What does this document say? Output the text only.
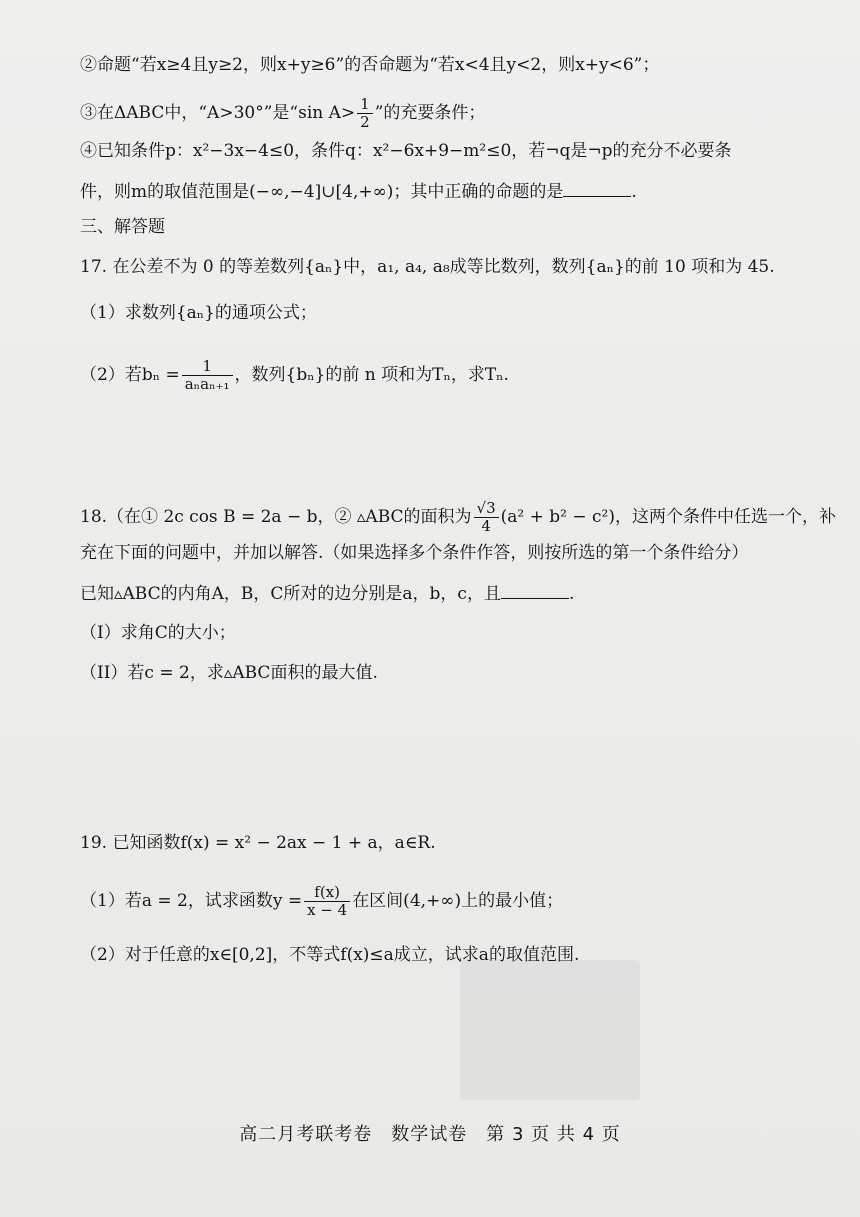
②命题“若x≥4且y≥2，则x+y≥6”的否命题为“若x<4且y<2，则x+y<6”；
③在ΔABC中，“A>30°”是“sin $A> \frac{1}{2}$ ”的充要条件；
④已知条件p：x²−3x−4≤0，条件q：x²−6x+9−m²≤0，若¬q是¬p的充分不必要条
件，则m的取值范围是(−∞,−4]∪[4,+∞)；其中正确的命题的是	.
三、解答题
17. 在公差不为 0 的等差数列{aₙ}中，a₁, a₄, a₈成等比数列，数列{aₙ}的前 10 项和为 45.
（1）求数列{aₙ}的通项公式；
（2）若$b_n = \frac{1}{\text{aₙaₙ₊₁}}$ ，数列{bₙ}的前 n 项和为Tₙ，求Tₙ.
18.（在① 2c cos B = 2a − b，② ▵ABC的面积为 $\frac{√3}{4} (a^2 + b^2 - c^2)$，这两个条件中任选一个，补
充在下面的问题中，并加以解答.（如果选择多个条件作答，则按所选的第一个条件给分）
已知▵ABC的内角A，B，C所对的边分别是a，b，c，且	.
（I）求角C的大小；
（II）若c = 2，求▵ABC面积的最大值.
19. 已知函数f(x) = x² − 2ax − 1 + a，a∈R.
（1）若a = 2，试求函数$y = \frac{f(x)}{x - 4}$ 在区间(4,+∞)上的最小值；
（2）对于任意的x∈[0,2]，不等式f(x)≤a成立，试求a的取值范围.
高二月考联考卷　数学试卷　第 3 页 共 4 页
